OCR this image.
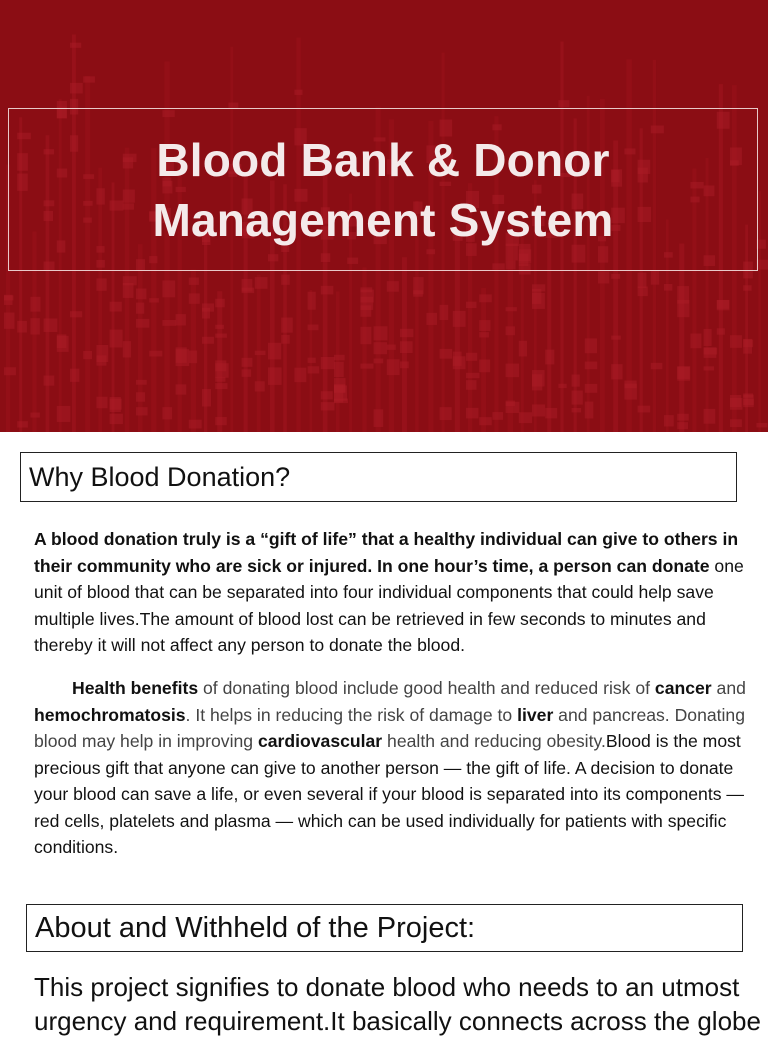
Blood Bank & Donor
Management System
Why Blood Donation?
A blood donation truly is a “gift of life” that a healthy individual can give to others in their community who are sick or injured. In one hour’s time, a person can donate one unit of blood that can be separated into four individual components that could help save multiple lives.The amount of blood lost can be retrieved in few seconds to minutes and thereby it will not affect any person to donate the blood.
Health benefits of donating blood include good health and reduced risk of cancer and hemochromatosis. It helps in reducing the risk of damage to liver and pancreas. Donating blood may help in improving cardiovascular health and reducing obesity.Blood is the most precious gift that anyone can give to another person — the gift of life. A decision to donate your blood can save a life, or even several if your blood is separated into its components — red cells, platelets and plasma — which can be used individually for patients with specific conditions.
About and Withheld of the Project:
This project signifies to donate blood who needs to an utmost
urgency and requirement.It basically connects across the globe
